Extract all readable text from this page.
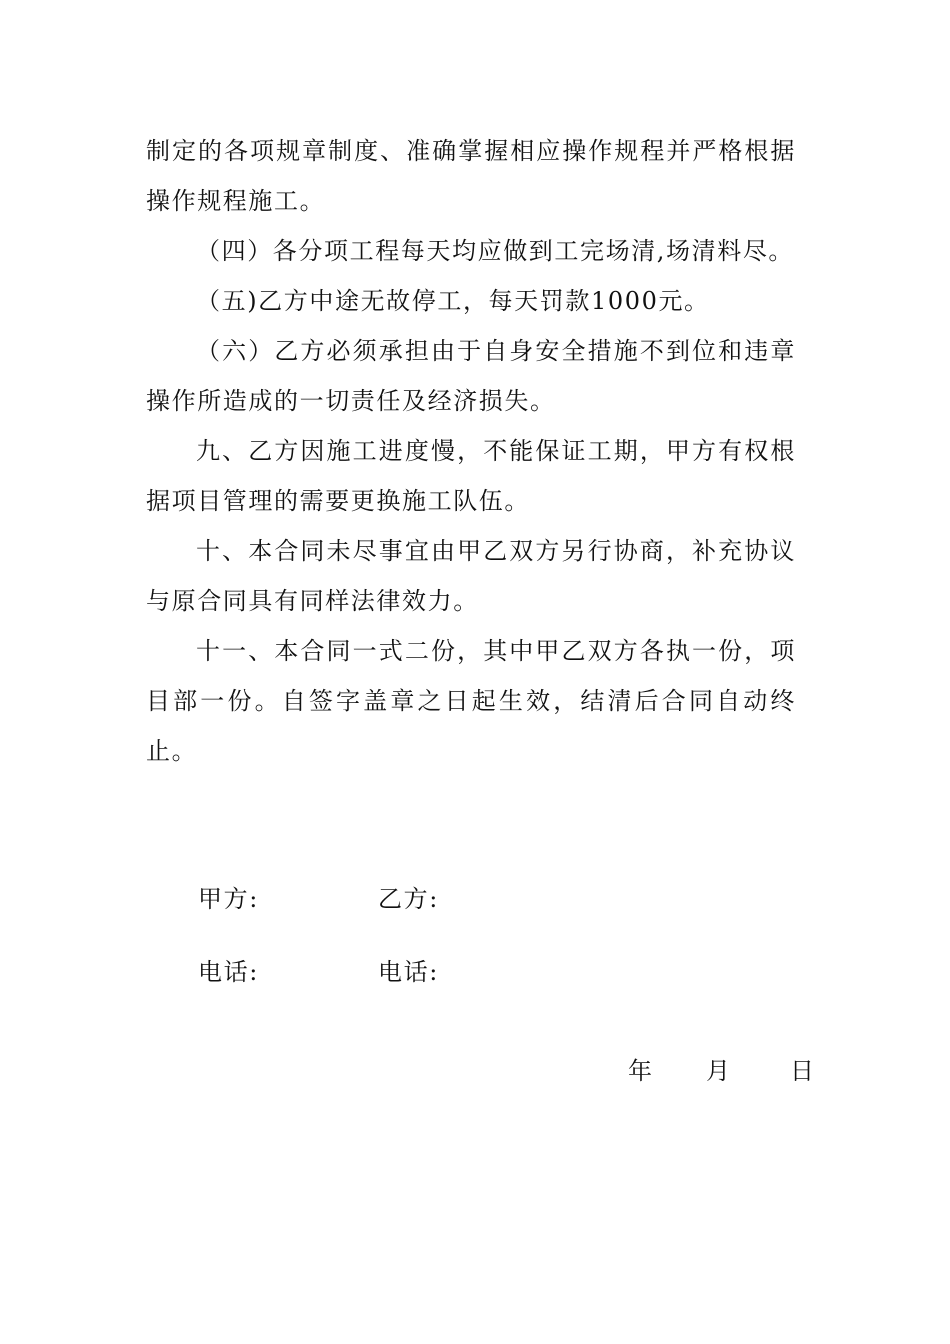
制定的各项规章制度、准确掌握相应操作规程并严格根据操作规程施工。

（四）各分项工程每天均应做到工完场清,场清料尽。

（五)乙方中途无故停工，每天罚款1000元。

（六）乙方必须承担由于自身安全措施不到位和违章操作所造成的一切责任及经济损失。

九、乙方因施工进度慢，不能保证工期，甲方有权根据项目管理的需要更换施工队伍。

十、本合同未尽事宜由甲乙双方另行协商，补充协议与原合同具有同样法律效力。

十一、本合同一式二份，其中甲乙双方各执一份，项目部一份。自签字盖章之日起生效，结清后合同自动终止。

甲方:	乙方:
电话:	电话:
年 月	日
